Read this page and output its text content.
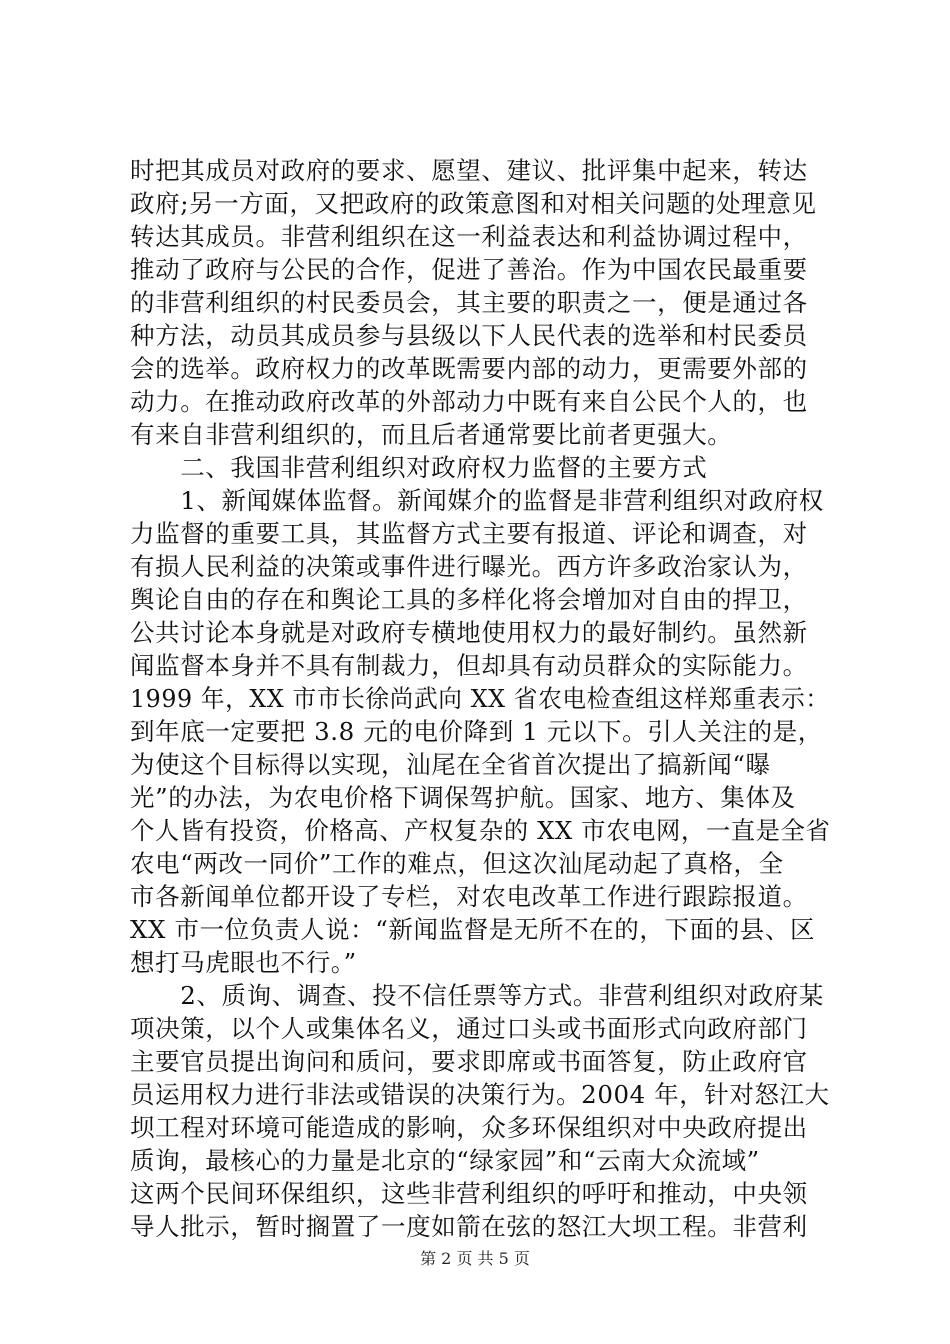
时把其成员对政府的要求、愿望、建议、批评集中起来，转达
政府;另一方面，又把政府的政策意图和对相关问题的处理意见
转达其成员。非营利组织在这一利益表达和利益协调过程中，
推动了政府与公民的合作，促进了善治。作为中国农民最重要
的非营利组织的村民委员会，其主要的职责之一，便是通过各
种方法，动员其成员参与县级以下人民代表的选举和村民委员
会的选举。政府权力的改革既需要内部的动力，更需要外部的
动力。在推动政府改革的外部动力中既有来自公民个人的，也
有来自非营利组织的，而且后者通常要比前者更强大。
　　二、我国非营利组织对政府权力监督的主要方式
　　1、新闻媒体监督。新闻媒介的监督是非营利组织对政府权
力监督的重要工具，其监督方式主要有报道、评论和调查，对
有损人民利益的决策或事件进行曝光。西方许多政治家认为，
舆论自由的存在和舆论工具的多样化将会增加对自由的捍卫，
公共讨论本身就是对政府专横地使用权力的最好制约。虽然新
闻监督本身并不具有制裁力，但却具有动员群众的实际能力。
1999 年，XX 市市长徐尚武向 XX 省农电检查组这样郑重表示：
到年底一定要把 3.8 元的电价降到 1 元以下。引人关注的是，
为使这个目标得以实现，汕尾在全省首次提出了搞新闻“曝
光”的办法，为农电价格下调保驾护航。国家、地方、集体及
个人皆有投资，价格高、产权复杂的 XX 市农电网，一直是全省
农电“两改一同价”工作的难点，但这次汕尾动起了真格，全
市各新闻单位都开设了专栏，对农电改革工作进行跟踪报道。
XX 市一位负责人说：“新闻监督是无所不在的，下面的县、区
想打马虎眼也不行。”
　　2、质询、调查、投不信任票等方式。非营利组织对政府某
项决策，以个人或集体名义，通过口头或书面形式向政府部门
主要官员提出询问和质问，要求即席或书面答复，防止政府官
员运用权力进行非法或错误的决策行为。2004 年，针对怒江大
坝工程对环境可能造成的影响，众多环保组织对中央政府提出
质询，最核心的力量是北京的“绿家园”和“云南大众流域”
这两个民间环保组织，这些非营利组织的呼吁和推动，中央领
导人批示，暂时搁置了一度如箭在弦的怒江大坝工程。非营利
第 2 页 共 5 页
